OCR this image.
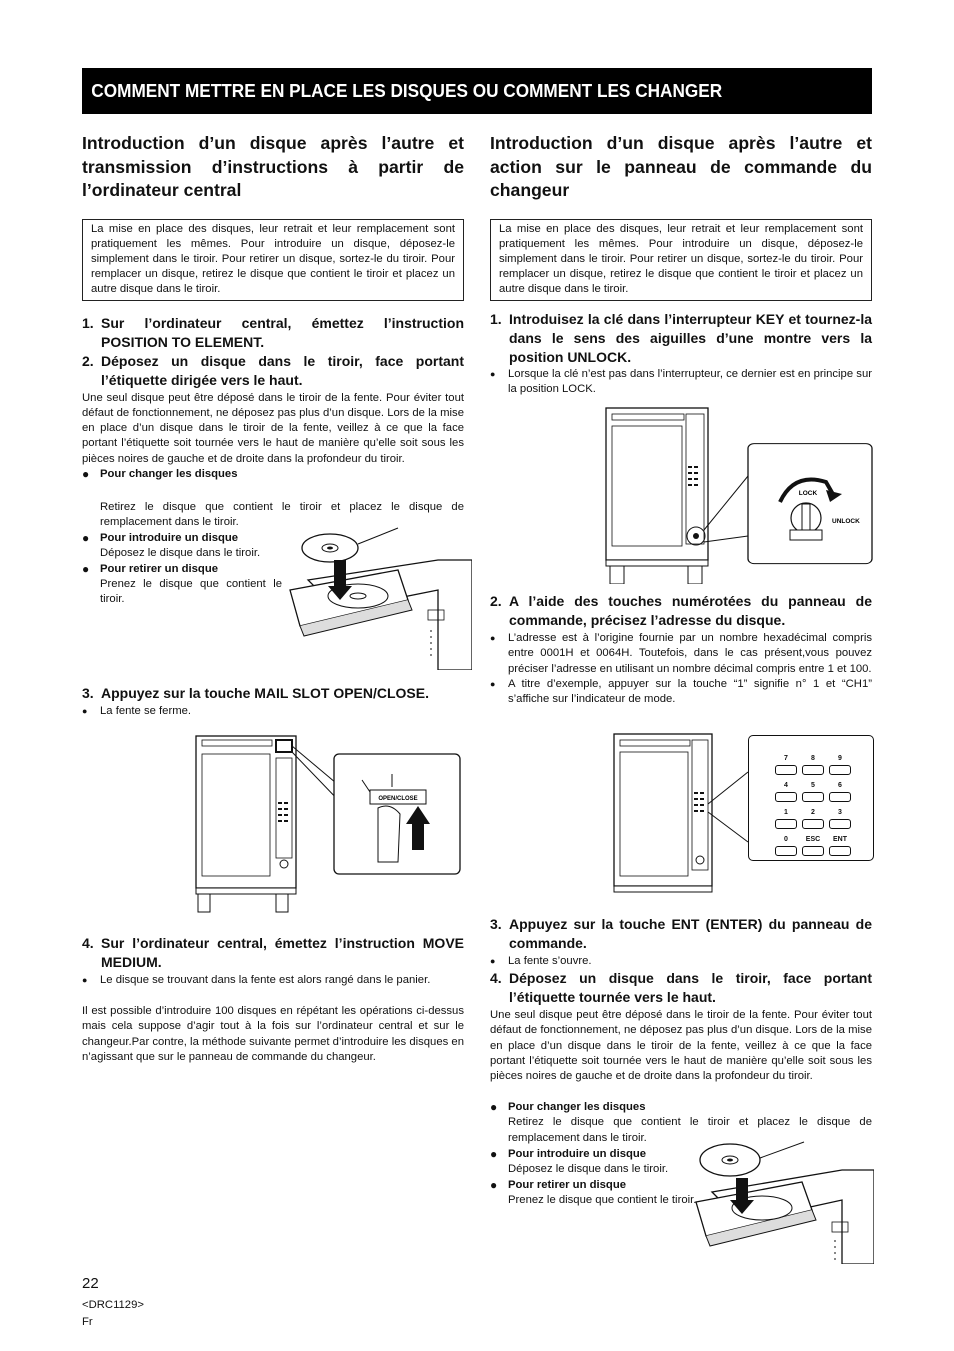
COMMENT METTRE EN PLACE LES DISQUES OU COMMENT LES CHANGER
Introduction d’un disque après l’autre et transmission d’instructions à partir de l’ordinateur central
La mise en place des disques, leur retrait et leur remplacement sont pratiquement les mêmes. Pour introduire un disque, déposez-le simplement dans le tiroir. Pour retirer un disque, sortez-le du tiroir. Pour remplacer un disque, retirez le disque que contient le tiroir et placez un autre disque dans le tiroir.
1. Sur l’ordinateur central, émettez l’instruction POSITION TO ELEMENT.
2. Déposez un disque dans le tiroir, face portant l’étiquette dirigée vers le haut.
Une seul disque peut être déposé dans le tiroir de la fente. Pour éviter tout défaut de fonctionnement, ne déposez pas plus d’un disque. Lors de la mise en place d’un disque dans le tiroir de la fente, veillez à ce que la face portant l’étiquette soit tournée vers le haut de manière qu’elle soit sous les pièces noires de gauche et de droite dans la profondeur du tiroir.
● Pour changer les disques
Retirez le disque que contient le tiroir et placez le disque de remplacement dans le tiroir.
● Pour introduire un disque
Déposez le disque dans le tiroir.
● Pour retirer un disque
Prenez le disque que contient le tiroir.
3. Appuyez sur la touche MAIL SLOT OPEN/CLOSE.
●	La fente se ferme.
OPEN/CLOSE
4. Sur l’ordinateur central, émettez l’instruction MOVE MEDIUM.
●	Le disque se trouvant dans la fente est alors rangé dans le panier.
Il est possible d’introduire 100 disques en répétant les opérations ci-dessus mais cela suppose d’agir tout à la fois sur l’ordinateur central et sur le changeur.Par contre, la méthode suivante permet d’introduire les disques en n’agissant que sur le panneau de commande du changeur.
Introduction d’un disque après l’autre et action sur le panneau de commande du changeur
La mise en place des disques, leur retrait et leur remplacement sont pratiquement les mêmes. Pour introduire un disque, déposez-le simplement dans le tiroir. Pour retirer un disque, sortez-le du tiroir. Pour remplacer un disque, retirez le disque que contient le tiroir et placez un autre disque dans le tiroir.
1. Introduisez la clé dans l’interrupteur KEY et tournez-la dans le sens des aiguilles d’une montre vers la position UNLOCK.
●	Lorsque la clé n’est pas dans l’interrupteur, ce dernier est en principe sur la position LOCK.
LOCK
UNLOCK
2. A l’aide des touches numérotées du panneau de commande, précisez l’adresse du disque.
●	L’adresse est à l’origine fournie par un nombre hexadécimal compris entre 0001H et 0064H. Toutefois, dans le cas présent,vous pouvez préciser l’adresse en utilisant un nombre décimal compris entre 1 et 100.
●	A titre d’exemple, appuyer sur la touche “1” signifie n° 1 et “CH1” s’affiche sur l’indicateur de mode.
7	8	9
4	5	6
1	2	3
0	ESC	ENT
3. Appuyez sur la touche ENT (ENTER) du panneau de commande.
●	La fente s’ouvre.
4. Déposez un disque dans le tiroir, face portant l’étiquette tournée vers le haut.
Une seul disque peut être déposé dans le tiroir de la fente. Pour éviter tout défaut de fonctionnement, ne déposez pas plus d’un disque. Lors de la mise en place d’un disque dans le tiroir de la fente, veillez à ce que la face portant l’étiquette soit tournée vers le haut de manière qu’elle soit sous les pièces noires de gauche et de droite dans la profondeur du tiroir.
● Pour changer les disques
Retirez le disque que contient le tiroir et placez le disque de remplacement dans le tiroir.
● Pour introduire un disque
Déposez le disque dans le tiroir.
● Pour retirer un disque
Prenez le disque que contient le tiroir.
22
<DRC1129>
Fr
